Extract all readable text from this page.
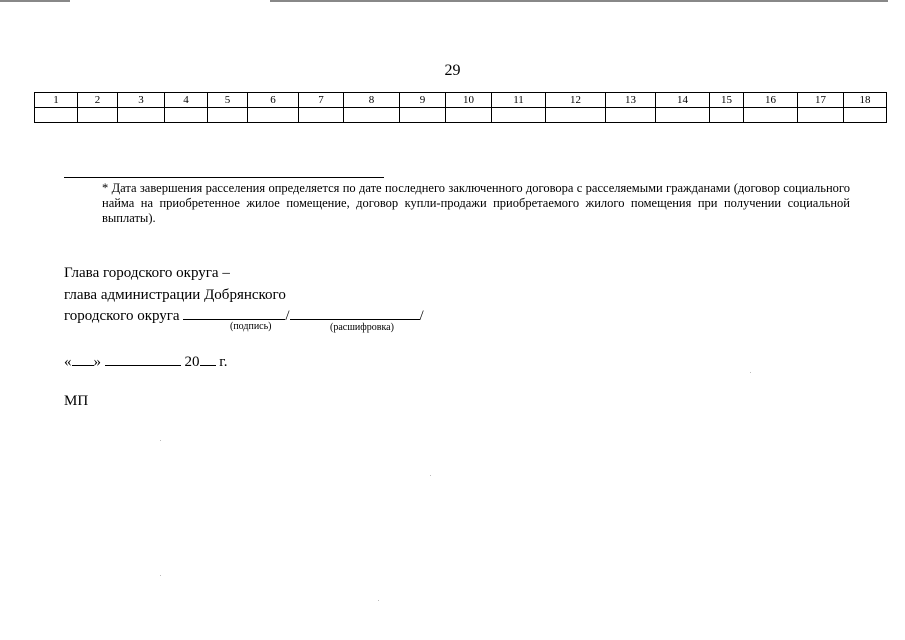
29
1	2	3	4	5	6	7	8	9	10	11	12	13	14	15	16	17	18

* Дата завершения расселения определяется по дате последнего заключенного договора с расселяемыми гражданами (договор социального найма на приобретенное жилое помещение, договор купли-продажи приобретаемого жилого помещения при получении социальной выплаты).
Глава городского округа –
глава администрации Добрянского
городского округа	/	/
(подпись)	(расшифровка)
« »	20 г.
МП
